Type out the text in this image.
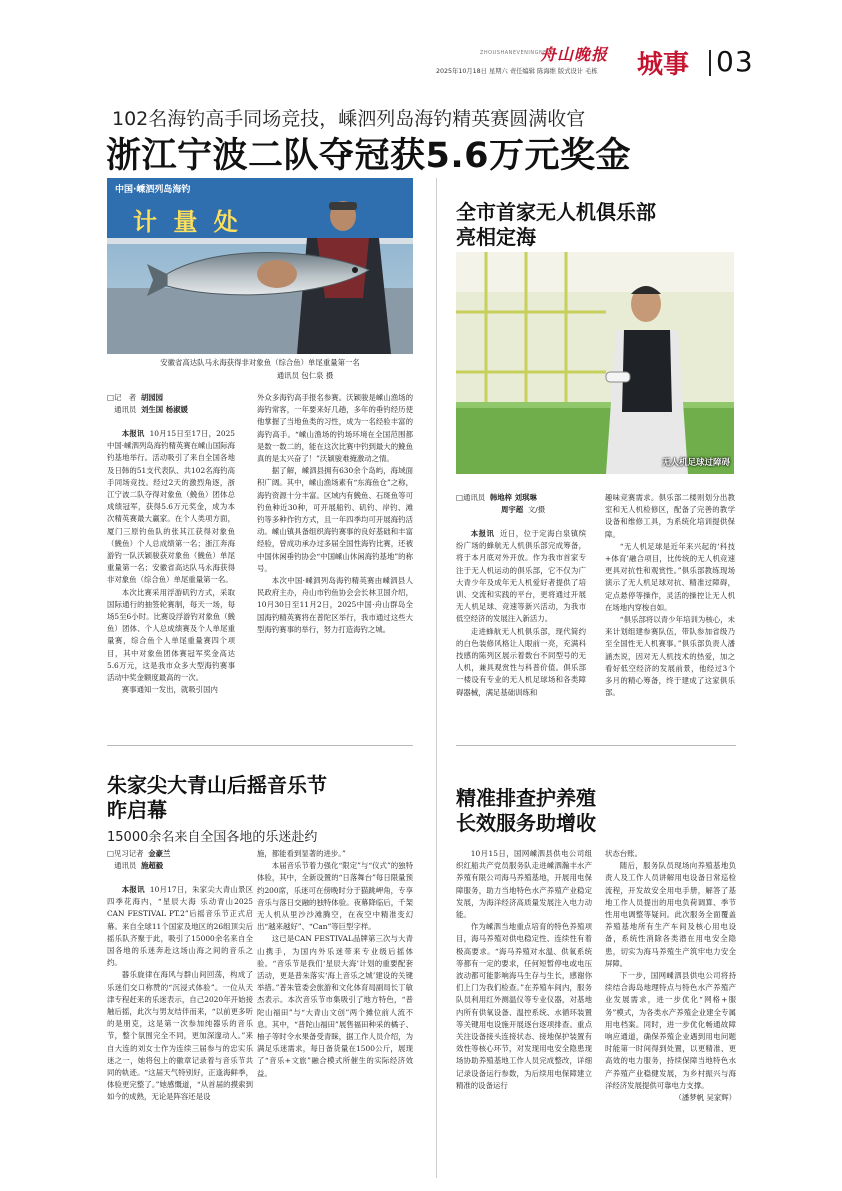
ZHOUSHANEVENINGNEWS
舟山晚报
2025年10月18日 星期六 责任编辑 陈海维 版式设计 毛栋 城事 03
102名海钓高手同场竞技，嵊泗列岛海钓精英赛圆满收官
浙江宁波二队夺冠获5.6万元奖金
中国·嵊泗列岛海钓
计 量 处
安徽省高达队马永海获得非对象鱼（综合鱼）单尾重量第一名
通讯员 包仁泉 摄
□记　者 胡园园
通讯员 刘生国 杨淑媛

本报讯 10月15日至17日，2025中国·嵊泗列岛海钓精英赛在嵊山国际海钓基地举行。活动吸引了来自全国各地及日韩的51支代表队、共102名海钓高手同场竞技。经过2天的激烈角逐，浙江宁波二队夺得对象鱼（鮸鱼）团体总成绩冠军，获得5.6万元奖金，成为本次精英赛最大赢家。在个人类项方面，厦门三原钓鱼队的张其江获得对象鱼（鮸鱼）个人总成绩第一名；浙江奔海游钓一队沃颖骏获对象鱼（鮸鱼）单尾重量第一名；安徽省高达队马永海获得非对象鱼（综合鱼）单尾重量第一名。

本次比赛采用浮游矶钓方式，采取国际通行的抽签轮赛制，每天一场，每场5至6小时。比赛设浮游钓对象鱼（鮸鱼）团体、个人总成绩赛及个人单尾重量赛，综合鱼个人单尾重量赛四个项目，其中对象鱼团体赛冠军奖金高达5.6万元，这是我市众多大型海钓赛事活动中奖金额度最高的一次。

赛事通知一发出，就吸引国内

外众多海钓高手报名参赛。沃颖骏是嵊山渔场的海钓常客，一年要来好几趟，多年的垂钓经历使他掌握了当地鱼类的习性，成为一名经验丰富的海钓高手。“嵊山渔场的钓场环境在全国范围都是数一数二的，能在这次比赛中钓到最大的鮸鱼真的是太兴奋了！”沃颖骏难掩激动之情。

据了解，嵊泗县拥有630余个岛屿，海域面积广阔。其中，嵊山渔场素有“东海鱼仓”之称，海钓资源十分丰富。区域内有鮸鱼、石斑鱼等可钓鱼种近30种，可开展船钓、矶钓、岸钓、滩钓等多种作钓方式，且一年四季均可开展海钓活动。嵊山镇具备组织海钓赛事的良好基础和丰富经验，曾成功承办过多届全国性海钓比赛，还被中国休闲垂钓协会“中国嵊山休闲海钓基地”的称号。

本次中国·嵊泗列岛海钓精英赛由嵊泗县人民政府主办，舟山市钓鱼协会会长林卫国介绍，10月30日至11月2日，2025中国·舟山群岛全国海钓精英赛将在普陀区举行，我市通过这些大型海钓赛事的举行，努力打造海钓之城。

全市首家无人机俱乐部
亮相定海
无人机足球过障碍
□通讯员 韩地梓 刘琪琳
周宇超 文/摄

本报讯 近日，位于定海白泉镇缤纷广场的蜂航无人机俱乐部完成筹备，将于本月底对外开放。作为我市首家专注于无人机运动的俱乐部，它不仅为广大青少年及成年无人机爱好者提供了培训、交流和实践的平台，更将通过开展无人机足球、竞速等新兴活动，为我市低空经济的发展注入新活力。

走进蜂航无人机俱乐部，现代简约的白色装修风格让人眼前一亮，充满科技感的陈列区展示着数台不同型号的无人机，兼具观赏性与科普价值。俱乐部一楼设有专业的无人机足球场和各类障碍器械，满足基础训练和

趣味竞赛需求。俱乐部二楼则划分出教室和无人机检修区，配备了完善的教学设备和维修工具，为系统化培训提供保障。

“无人机足球是近年来兴起的‘科技+体育’融合项目，比传统的无人机竞速更具对抗性和观赏性。”俱乐部教练现场演示了无人机足球对抗、精准过障碍，定点悬停等操作，灵活的操控让无人机在场地内穿梭自如。

“俱乐部将以青少年培训为核心，未来计划组建参赛队伍，带队参加省级乃至全国性无人机赛事。”俱乐部负责人潘涵杰说，因对无人机技术的热爱，加之看好低空经济的发展前景，他经过3个多月的精心筹备，终于建成了这家俱乐部。

朱家尖大青山后摇音乐节
昨启幕
15000余名来自全国各地的乐迷赴约
□见习记者 金豪兰
通讯员 施超毅

本报讯 10月17日，朱家尖大青山景区四季花海内，“星辰大海 乐动青山2025 CAN FESTIVAL PT.2”后摇音乐节正式启幕。来自全球11个国家及地区的26组顶尖后摇乐队齐聚于此，吸引了15000余名来自全国各地的乐迷奔赴这场山海之间的音乐之约。

器乐旋律在海风与群山间回荡，构成了乐迷们交口称赞的“沉浸式体验”。一位从天津专程赶来的乐迷表示，自己2020年开始接触后摇，此次与男友结伴而来，“以前更多听的是朋克，这是第一次参加纯器乐的音乐节，整个氛围完全不同，更加深邃动人。”来自大连的刘女士作为连续三届参与的忠实乐迷之一，她将包上的徽章记录着与音乐节共同的轨迹。“这届天气特别好，正逢海鲜季，体验更完整了。”她感慨道，“从首届的摸索到如今的成熟，无论是阵容还是设

施，都能看到显著的进步。”

本届音乐节着力强化“限定”与“仪式”的独特体验，其中，全新设置的“日落舞台”每日限量预约200席，乐迷可在傍晚时分于猫跳岬角，专享音乐与落日交融的独特体验。夜幕降临后，千架无人机从里沙沙滩腾空，在夜空中精准变幻出“越来越好”、“Can”等巨型字样。

这已是CAN FESTIVAL品牌第三次与大青山携手，为国内外乐迷带来专业级后摇体验。“音乐节是我们‘星辰大海’计划的重要配套活动，更是普朱落实‘海上音乐之城’建设的关键举措。”普朱管委会旅游和文化体育局副局长丁敏杰表示。本次音乐节市集吸引了地方特色，“普陀山福田”与“大青山文创”两个摊位前人流不息。其中，“普陀山福田”展售福田种采的橘子、柚子等时令水果备受青睐，据工作人员介绍，为满足乐迷需求，每日备货量在1500公斤，展现了“音乐+文旅”融合模式所催生的实际经济效益。

精准排查护养殖
长效服务助增收

10月15日，国网嵊泗县供电公司组织红船共产党员服务队走进嵊泗瀚丰水产养殖有限公司海马养殖基地，开展用电保障服务，助力当地特色水产养殖产业稳定发展，为海洋经济高质量发展注入电力动能。

作为嵊泗当地重点培育的特色养殖项目，海马养殖对供电稳定性、连续性有着极高要求。“海马养殖对水温、供氧系统等都有一定的要求，任何短暂停电或电压波动都可能影响海马生存与生长，感谢你们上门为我们检查。”在养殖车间内，服务队员利用红外测温仪等专业仪器，对基地内所有供氧设备、温控系统、水循环装置等关键用电设施开展逐台逐项排查。重点关注设备接头连接状态、接地保护装置有效性等核心环节，对发现用电安全隐患现场协助养殖基地工作人员完成整改，详细记录设备运行参数，为后续用电保障建立精准的设备运行

状态台账。

随后，服务队员现场向养殖基地负责人及工作人员讲解用电设备日常巡检流程，开发故安全用电手册，解答了基地工作人员提出的用电负荷调算、季节性用电调整等疑问。此次服务全面覆盖养殖基地所有生产车间及核心用电设备，系统性消除各类潜在用电安全隐患，切实为海马养殖生产筑牢电力安全屏障。

下一步，国网嵊泗县供电公司将持续结合海岛地理特点与特色水产养殖产业发展需求，进一步优化“网格+服务”模式，为各类水产养殖企业建全专属用电档案。同时，进一步优化畅通故障响应通道，确保养殖企业遇到用电问题时能第一时间得到处置，以更精准、更高效的电力服务，持续保障当地特色水产养殖产业稳健发展，为乡村振兴与海洋经济发展提供可靠电力支撑。

（潘梦帆 吴家辉）
